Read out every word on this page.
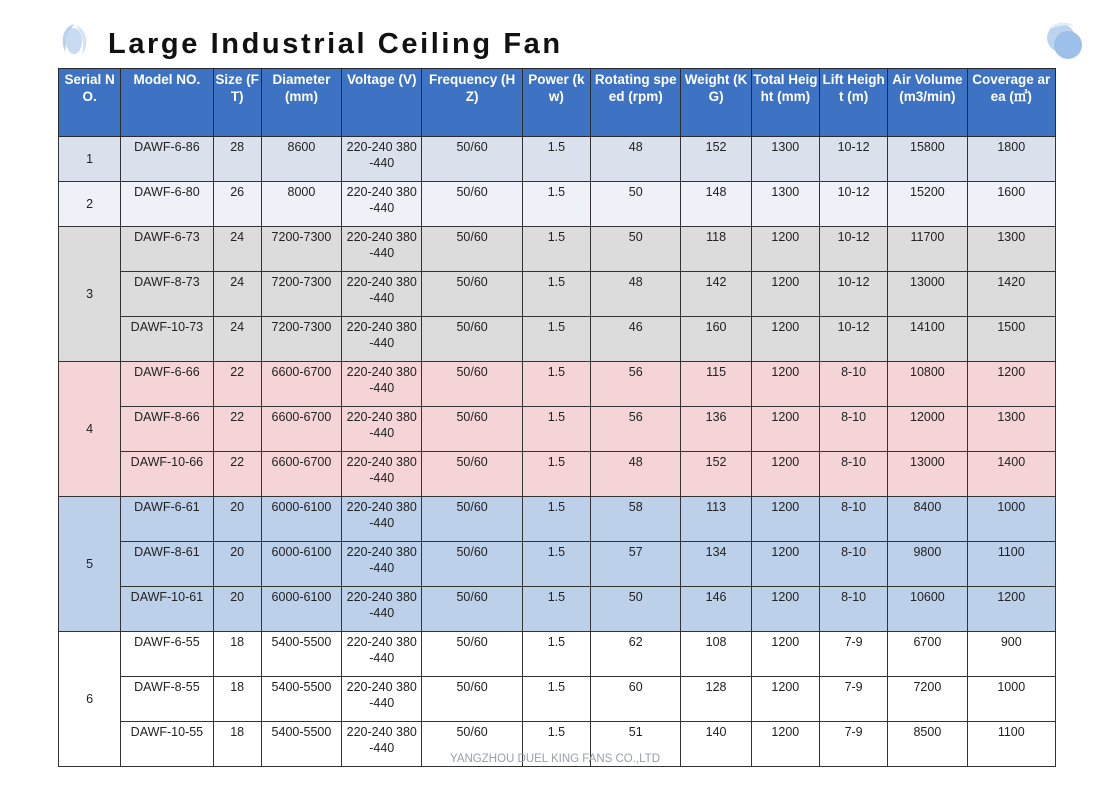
Large Industrial Ceiling Fan
Serial NO.	Model NO.	Size (FT)	Diameter (mm)	Voltage (V)	Frequency (HZ)	Power (kw)	Rotating speed (rpm)	Weight (KG)	Total Height (mm)	Lift Height (m)	Air Volume (m3/min)	Coverage area (㎡)
1	DAWF-6-86	28	8600	220-240 380-440	50/60	1.5	48	152	1300	10-12	15800	1800
2	DAWF-6-80	26	8000	220-240 380-440	50/60	1.5	50	148	1300	10-12	15200	1600
3	DAWF-6-73	24	7200-7300	220-240 380-440	50/60	1.5	50	118	1200	10-12	11700	1300
	DAWF-8-73	24	7200-7300	220-240 380-440	50/60	1.5	48	142	1200	10-12	13000	1420
	DAWF-10-73	24	7200-7300	220-240 380-440	50/60	1.5	46	160	1200	10-12	14100	1500
4	DAWF-6-66	22	6600-6700	220-240 380-440	50/60	1.5	56	115	1200	8-10	10800	1200
	DAWF-8-66	22	6600-6700	220-240 380-440	50/60	1.5	56	136	1200	8-10	12000	1300
	DAWF-10-66	22	6600-6700	220-240 380-440	50/60	1.5	48	152	1200	8-10	13000	1400
5	DAWF-6-61	20	6000-6100	220-240 380-440	50/60	1.5	58	113	1200	8-10	8400	1000
	DAWF-8-61	20	6000-6100	220-240 380-440	50/60	1.5	57	134	1200	8-10	9800	1100
	DAWF-10-61	20	6000-6100	220-240 380-440	50/60	1.5	50	146	1200	8-10	10600	1200
6	DAWF-6-55	18	5400-5500	220-240 380-440	50/60	1.5	62	108	1200	7-9	6700	900
	DAWF-8-55	18	5400-5500	220-240 380-440	50/60	1.5	60	128	1200	7-9	7200	1000
	DAWF-10-55	18	5400-5500	220-240 380-440	50/60	1.5	51	140	1200	7-9	8500	1100
YANGZHOU DUEL KING FANS CO.,LTD
